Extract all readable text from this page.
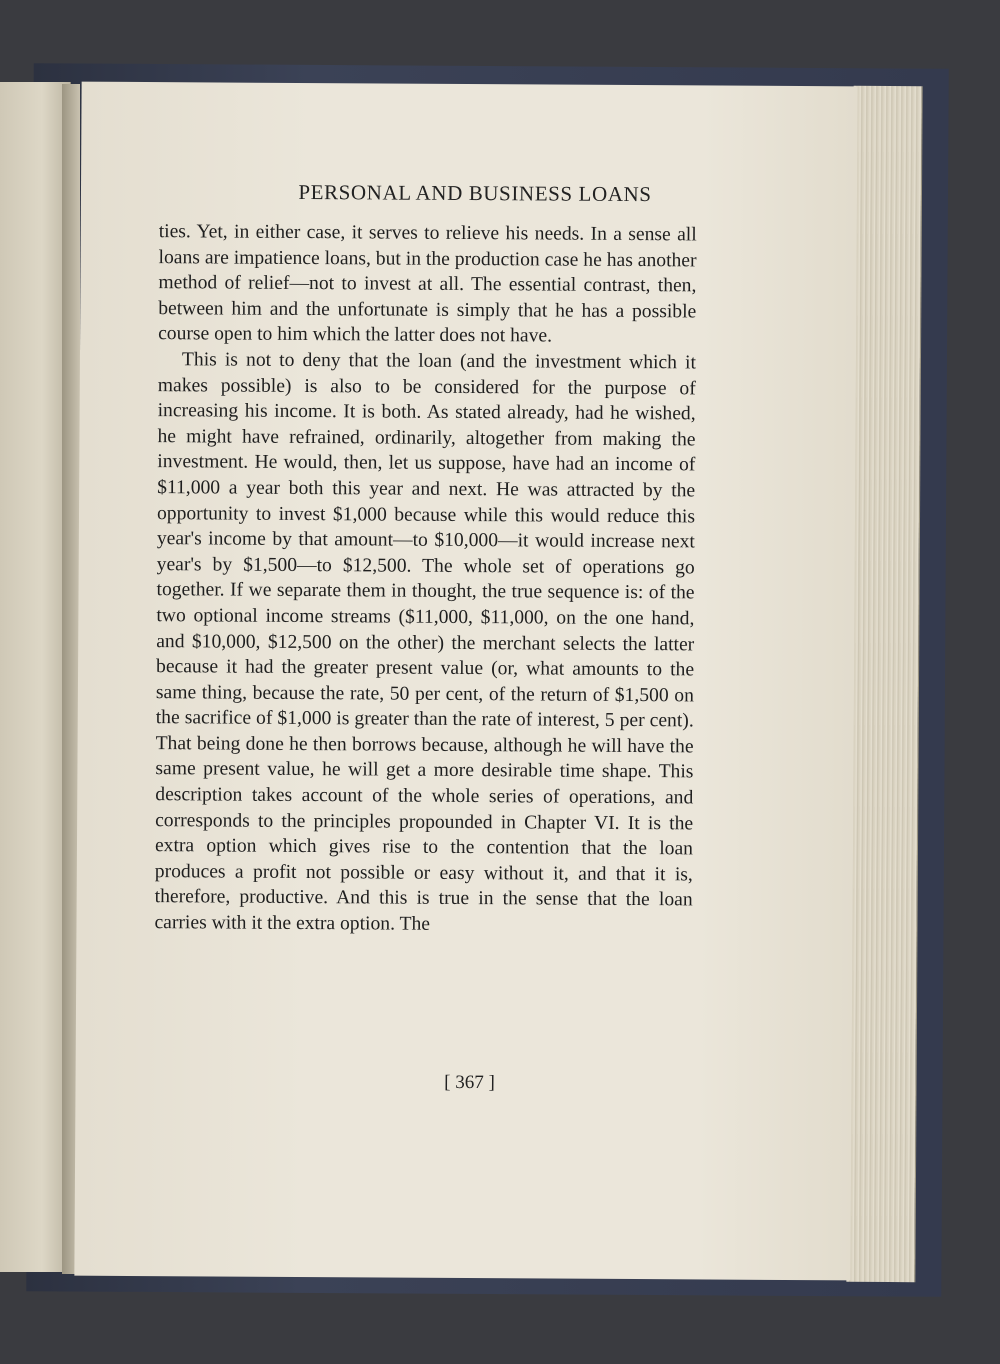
PERSONAL AND BUSINESS LOANS

ties. Yet, in either case, it serves to relieve his needs. In a sense all loans are impatience loans, but in the production case he has another method of relief—not to invest at all. The essential contrast, then, between him and the unfortunate is simply that he has a possible course open to him which the latter does not have.

This is not to deny that the loan (and the investment which it makes possible) is also to be considered for the purpose of increasing his income. It is both. As stated already, had he wished, he might have refrained, ordinarily, altogether from making the investment. He would, then, let us suppose, have had an income of $11,000 a year both this year and next. He was attracted by the opportunity to invest $1,000 because while this would reduce this year's income by that amount—to $10,000—it would increase next year's by $1,500—to $12,500. The whole set of operations go together. If we separate them in thought, the true sequence is: of the two optional income streams ($11,000, $11,000, on the one hand, and $10,000, $12,500 on the other) the merchant selects the latter because it had the greater present value (or, what amounts to the same thing, because the rate, 50 per cent, of the return of $1,500 on the sacrifice of $1,000 is greater than the rate of interest, 5 per cent). That being done he then borrows because, although he will have the same present value, he will get a more desirable time shape. This description takes account of the whole series of operations, and corresponds to the principles propounded in Chapter VI. It is the extra option which gives rise to the contention that the loan produces a profit not possible or easy without it, and that it is, therefore, productive. And this is true in the sense that the loan carries with it the extra option. The

[ 367 ]
